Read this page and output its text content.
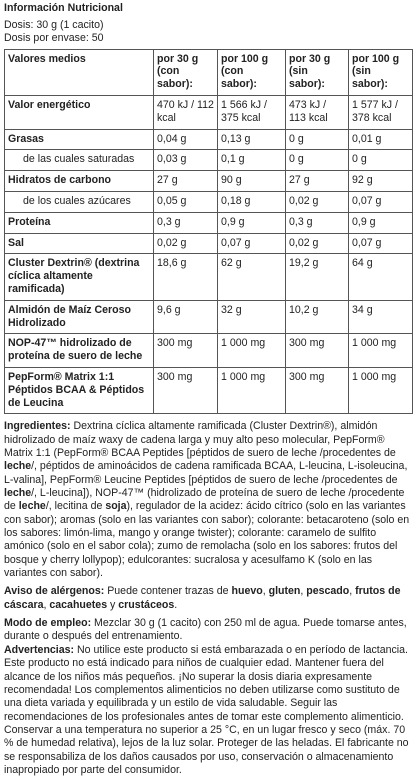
Información Nutricional
Dosis: 30 g (1 cacito)
Dosis por envase: 50
Valores medios	por 30 g (con sabor):	por 100 g (con sabor):	por 30 g (sin sabor):	por 100 g (sin sabor):
Valor energético	470 kJ / 112 kcal	1 566 kJ / 375 kcal	473 kJ / 113 kcal	1 577 kJ / 378 kcal
Grasas	0,04 g	0,13 g	0 g	0,01 g
de las cuales saturadas	0,03 g	0,1 g	0 g	0 g
Hidratos de carbono	27 g	90 g	27 g	92 g
de los cuales azúcares	0,05 g	0,18 g	0,02 g	0,07 g
Proteína	0,3 g	0,9 g	0,3 g	0,9 g
Sal	0,02 g	0,07 g	0,02 g	0,07 g
Cluster Dextrin® (dextrina cíclica altamente ramificada)	18,6 g	62 g	19,2 g	64 g
Almidón de Maíz Ceroso Hidrolizado	9,6 g	32 g	10,2 g	34 g
NOP-47™ hidrolizado de proteína de suero de leche	300 mg	1 000 mg	300 mg	1 000 mg
PepForm® Matrix 1:1 Péptidos BCAA & Péptidos de Leucina	300 mg	1 000 mg	300 mg	1 000 mg
Ingredientes: Dextrina cíclica altamente ramificada (Cluster Dextrin®), almidón hidrolizado de maíz waxy de cadena larga y muy alto peso molecular, PepForm® Matrix 1:1 (PepForm® BCAA Peptides [péptidos de suero de leche /procedentes de leche/, péptidos de aminoácidos de cadena ramificada BCAA, L-leucina, L-isoleucina, L-valina], PepForm® Leucine Peptides [péptidos de suero de leche /procedentes de leche/, L-leucina]), NOP-47™ (hidrolizado de proteína de suero de leche /procedente de leche/, lecitina de soja), regulador de la acidez: ácido cítrico (solo en las variantes con sabor); aromas (solo en las variantes con sabor); colorante: betacaroteno (solo en los sabores: limón-lima, mango y orange twister); colorante: caramelo de sulfito amónico (solo en el sabor cola); zumo de remolacha (solo en los sabores: frutos del bosque y cherry lollypop); edulcorantes: sucralosa y acesulfamo K (solo en las variantes con sabor).
Aviso de alérgenos: Puede contener trazas de huevo, gluten, pescado, frutos de cáscara, cacahuetes y crustáceos.
Modo de empleo: Mezclar 30 g (1 cacito) con 250 ml de agua. Puede tomarse antes, durante o después del entrenamiento.
Advertencias: No utilice este producto si está embarazada o en período de lactancia. Este producto no está indicado para niños de cualquier edad. Mantener fuera del alcance de los niños más pequeños. ¡No superar la dosis diaria expresamente recomendada! Los complementos alimenticios no deben utilizarse como sustituto de una dieta variada y equilibrada y un estilo de vida saludable. Seguir las recomendaciones de los profesionales antes de tomar este complemento alimenticio. Conservar a una temperatura no superior a 25 °C, en un lugar fresco y seco (máx. 70 % de humedad relativa), lejos de la luz solar. Proteger de las heladas. El fabricante no se responsabiliza de los daños causados por uso, conservación o almacenamiento inapropiado por parte del consumidor.
